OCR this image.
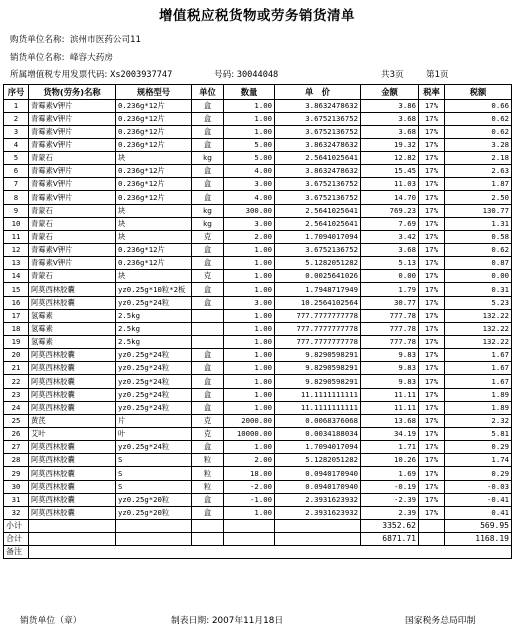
增值税应税货物或劳务销货清单
购货单位名称: 滨州市医药公司11
销货单位名称: 峰容大药房
所属增值税专用发票代码: Xs2003937747	号码: 30044048	共3页	第1页
序号	货物(劳务)名称	规格型号	单位	数量	单　价	金额	税率	税额
1	青霉素V钾片	0.236g*12片	盒	1.00	3.8632478632	3.86	17%	0.66
2	青霉素V钾片	0.236g*12片	盒	1.00	3.6752136752	3.68	17%	0.62
3	青霉素V钾片	0.236g*12片	盒	1.00	3.6752136752	3.68	17%	0.62
4	青霉素V钾片	0.236g*12片	盒	5.00	3.8632478632	19.32	17%	3.28
5	青蒙石	块	kg	5.00	2.5641025641	12.82	17%	2.18
6	青霉素V钾片	0.236g*12片	盒	4.00	3.8632478632	15.45	17%	2.63
7	青霉素V钾片	0.236g*12片	盒	3.00	3.6752136752	11.03	17%	1.87
8	青霉素V钾片	0.236g*12片	盒	4.00	3.6752136752	14.70	17%	2.50
9	青蒙石	块	kg	300.00	2.5641025641	769.23	17%	130.77
10	青蒙石	块	kg	3.00	2.5641025641	7.69	17%	1.31
11	青蒙石	块	克	2.00	1.7094017094	3.42	17%	0.58
12	青霉素V钾片	0.236g*12片	盒	1.00	3.6752136752	3.68	17%	0.62
13	青霉素V钾片	0.236g*12片	盒	1.00	5.1282051282	5.13	17%	0.87
14	青蒙石	块	克	1.00	0.0025641026	0.00	17%	0.00
15	阿莫西林胶囊	yz0.25g*10粒*2板	盒	1.00	1.7948717949	1.79	17%	0.31
16	阿莫西林胶囊	yz0.25g*24粒	盒	3.00	10.2564102564	30.77	17%	5.23
17	氢霉素	2.5kg		1.00	777.7777777778	777.78	17%	132.22
18	氢霉素	2.5kg		1.00	777.7777777778	777.78	17%	132.22
19	氢霉素	2.5kg		1.00	777.7777777778	777.78	17%	132.22
20	阿莫西林胶囊	yz0.25g*24粒	盒	1.00	9.8290598291	9.83	17%	1.67
21	阿莫西林胶囊	yz0.25g*24粒	盒	1.00	9.8290598291	9.83	17%	1.67
22	阿莫西林胶囊	yz0.25g*24粒	盒	1.00	9.8290598291	9.83	17%	1.67
23	阿莫西林胶囊	yz0.25g*24粒	盒	1.00	11.1111111111	11.11	17%	1.89
24	阿莫西林胶囊	yz0.25g*24粒	盒	1.00	11.1111111111	11.11	17%	1.89
25	黄芪	片	克	2000.00	0.0068376068	13.68	17%	2.32
26	艾叶	叶	克	10000.00	0.0034188034	34.19	17%	5.81
27	阿莫西林胶囊	yz0.25g*24粒	盒	1.00	1.7094017094	1.71	17%	0.29
28	阿莫西林胶囊	S	粒	2.00	5.1282051282	10.26	17%	1.74
29	阿莫西林胶囊	S	粒	18.00	0.0940170940	1.69	17%	0.29
30	阿莫西林胶囊	S	粒	-2.00	0.0940170940	-0.19	17%	-0.03
31	阿莫西林胶囊	yz0.25g*20粒	盒	-1.00	2.3931623932	-2.39	17%	-0.41
32	阿莫西林胶囊	yz0.25g*20粒	盒	1.00	2.3931623932	2.39	17%	0.41
小计						3352.62		569.95
合计						6871.71		1168.19
备注								
销货单位（章）	制表日期: 2007年11月18日	国家税务总局印制
